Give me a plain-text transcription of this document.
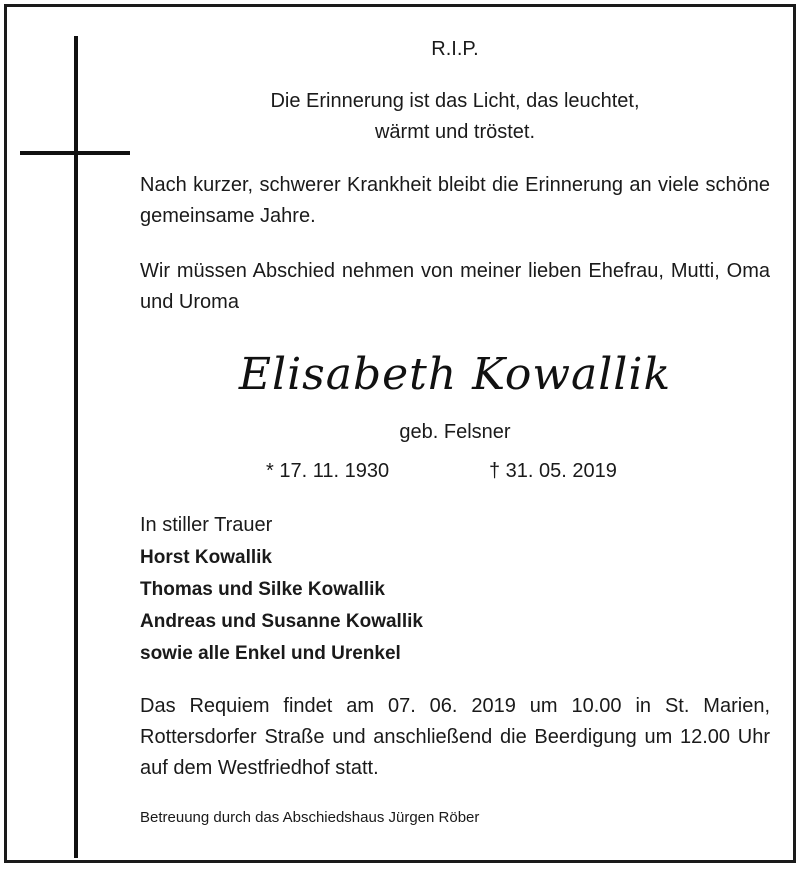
R.I.P.

Die Erinnerung ist das Licht, das leuchtet,

wärmt und tröstet.

Nach kurzer, schwerer Krankheit bleibt die Erinnerung an viele schöne gemeinsame Jahre.

Wir müssen Abschied nehmen von meiner lieben Ehefrau, Mutti, Oma und Uroma

Elisabeth Kowallik

geb. Felsner

* 17. 11. 1930	† 31. 05. 2019

In stiller Trauer

Horst Kowallik

Thomas und Silke Kowallik

Andreas und Susanne Kowallik

sowie alle Enkel und Urenkel

Das Requiem findet am 07. 06. 2019 um 10.00 in St. Marien, Rottersdorfer Straße und anschließend die Beerdigung um 12.00 Uhr auf dem Westfriedhof statt.

Betreuung durch das Abschiedshaus Jürgen Röber
